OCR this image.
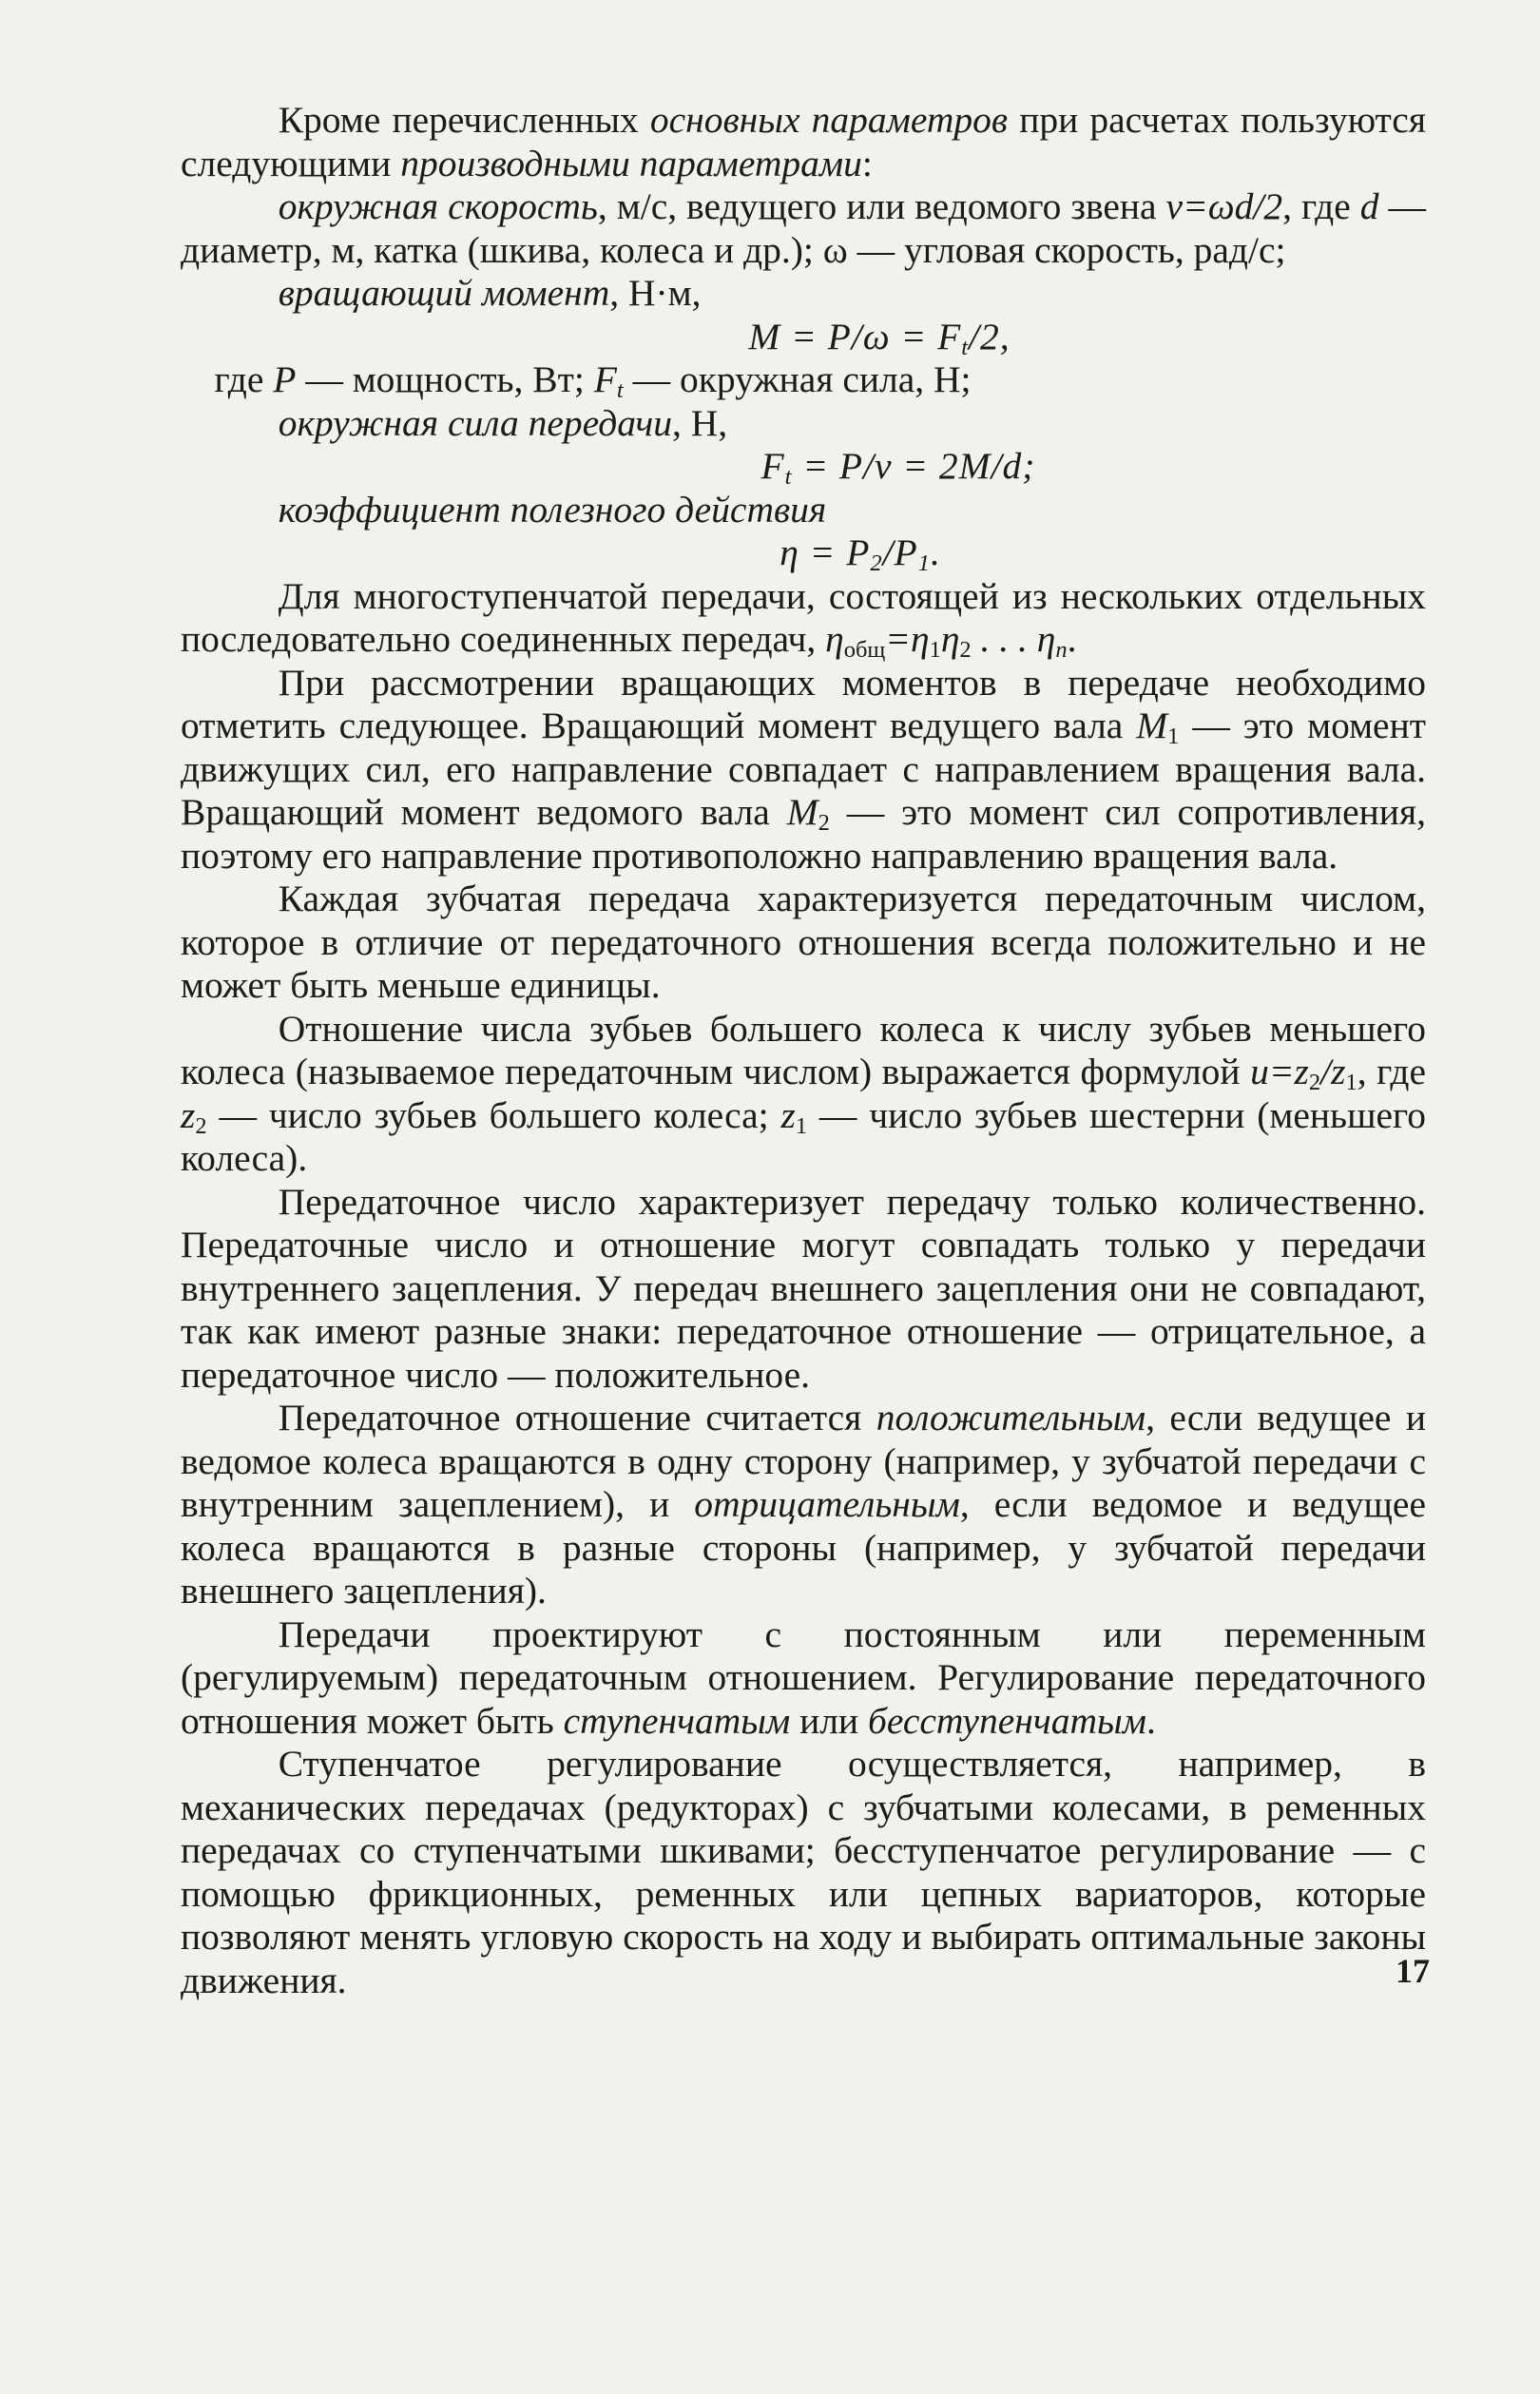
Кроме перечисленных основных параметров при расчетах пользуются следующими производными параметрами:

окружная скорость, м/с, ведущего или ведомого звена v=ωd/2, где d — диаметр, м, катка (шкива, колеса и др.); ω — угловая скорость, рад/с;

вращающий момент, Н·м,

$M = P/\omega = F_t/2$,

где P — мощность, Вт; $F_t$ — окружная сила, Н;

окружная сила передачи, Н,

$F_t = P/v = 2M/d$;

коэффициент полезного действия

$\eta = P_2/P_1$.

Для многоступенчатой передачи, состоящей из нескольких отдельных последовательно соединенных передач, $\eta_{общ}=\eta_1\eta_2$ . . . $\eta_n$.

При рассмотрении вращающих моментов в передаче необходимо отметить следующее. Вращающий момент ведущего вала $M_1$ — это момент движущих сил, его направление совпадает с направлением вращения вала. Вращающий момент ведомого вала $M_2$ — это момент сил сопротивления, поэтому его направление противоположно направлению вращения вала.

Каждая зубчатая передача характеризуется передаточным числом, которое в отличие от передаточного отношения всегда положительно и не может быть меньше единицы.

Отношение числа зубьев большего колеса к числу зубьев меньшего колеса (называемое передаточным числом) выражается формулой $u=z_2/z_1$, где $z_2$ — число зубьев большего колеса; $z_1$ — число зубьев шестерни (меньшего колеса).

Передаточное число характеризует передачу только количественно. Передаточные число и отношение могут совпадать только у передачи внутреннего зацепления. У передач внешнего зацепления они не совпадают, так как имеют разные знаки: передаточное отношение — отрицательное, а передаточное число — положительное.

Передаточное отношение считается положительным, если ведущее и ведомое колеса вращаются в одну сторону (например, у зубчатой передачи с внутренним зацеплением), и отрицательным, если ведомое и ведущее колеса вращаются в разные стороны (например, у зубчатой передачи внешнего зацепления).

Передачи проектируют с постоянным или переменным (регулируемым) передаточным отношением. Регулирование передаточного отношения может быть ступенчатым или бесступенчатым.

Ступенчатое регулирование осуществляется, например, в механических передачах (редукторах) с зубчатыми колесами, в ременных передачах со ступенчатыми шкивами; бесступенчатое регулирование — с помощью фрикционных, ременных или цепных вариаторов, которые позволяют менять угловую скорость на ходу и выбирать оптимальные законы движения.	17
